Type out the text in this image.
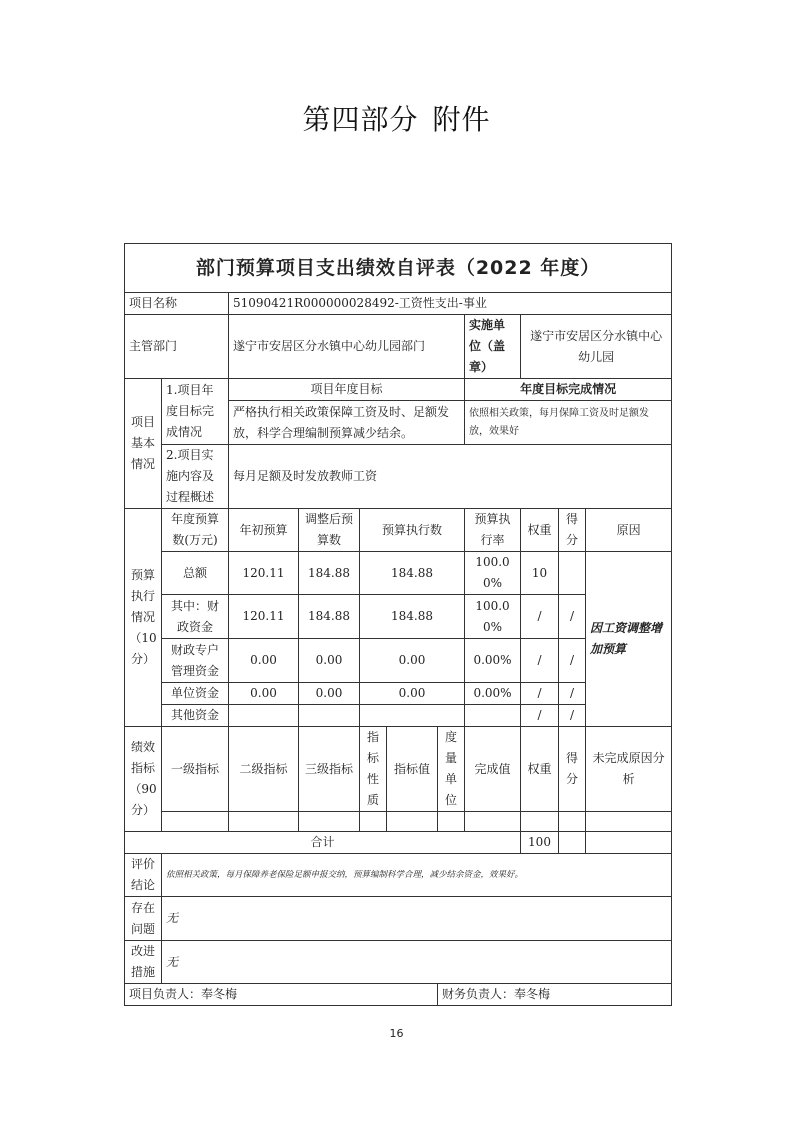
第四部分 附件
部门预算项目支出绩效自评表（2022 年度）										
项目名称		51090421R000000028492-工资性支出-事业								
主管部门		遂宁市安居区分水镇中心幼儿园部门					实施单位（盖章）	遂宁市安居区分水镇中心幼儿园		
项目基本情况	1.项目年度目标完成情况	项目年度目标					年度目标完成情况			
		严格执行相关政策保障工资及时、足额发放，科学合理编制预算减少结余。					依照相关政策，每月保障工资及时足额发放，效果好			
	2.项目实施内容及过程概述	每月足额及时发放教师工资								
预算执行情况（10分）	年度预算数(万元)	年初预算	调整后预算数	预算执行数			预算执行率	权重	得分	原因
	总额	120.11	184.88	184.88			100.00%	10		因工资调整增加预算
	其中：财政资金	120.11	184.88	184.88			100.00%	/	/	
	财政专户管理资金	0.00	0.00	0.00			0.00%	/	/	
	单位资金	0.00	0.00	0.00			0.00%	/	/	
	其他资金							/	/	
绩效指标（90分）	一级指标	二级指标	三级指标	指标性质	指标值	度量单位	完成值	权重	得分	未完成原因分析

合计								100		
评价结论	依照相关政策，每月保障养老保险足额申报交纳，预算编制科学合理，减少结余资金，效果好。									
存在问题	无									
改进措施	无									
项目负责人：奉冬梅						财务负责人：奉冬梅				
16
